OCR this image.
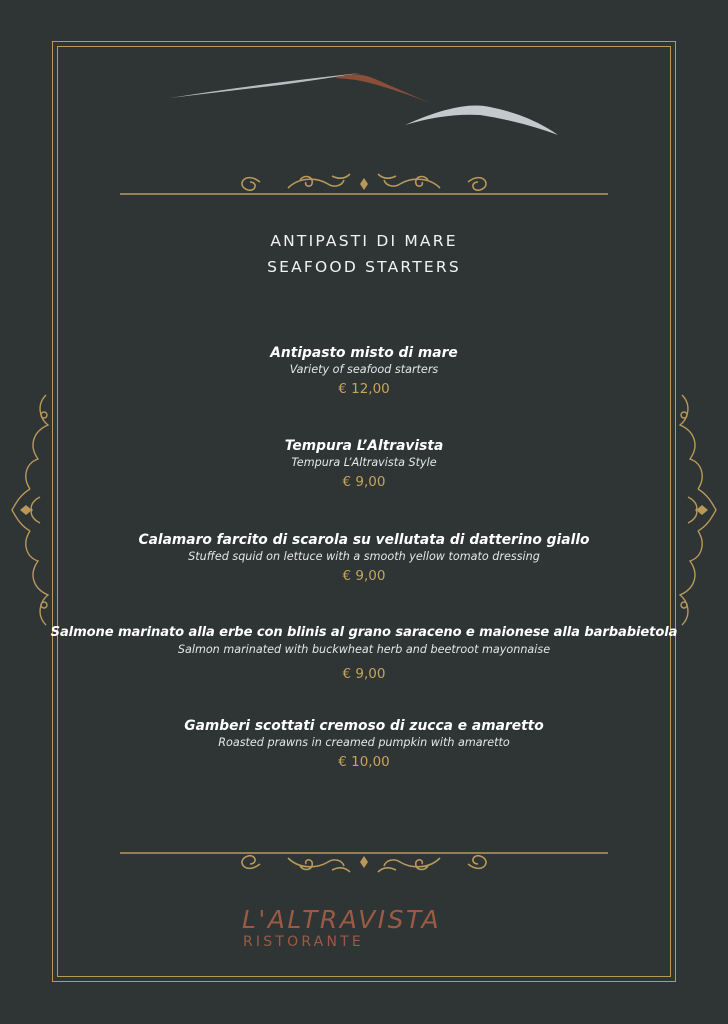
ANTIPASTI DI MARE
SEAFOOD STARTERS
Antipasto misto di mare
Variety of seafood starters
€ 12,00
Tempura L’Altravista
Tempura L’Altravista Style
€ 9,00
Calamaro farcito di scarola su vellutata di datterino giallo
Stuffed squid on lettuce with a smooth yellow tomato dressing
€ 9,00
Salmone marinato alla erbe con blinis al grano saraceno e maionese alla barbabietola
Salmon marinated with buckwheat herb and beetroot mayonnaise
€ 9,00
Gamberi scottati cremoso di zucca e amaretto
Roasted prawns in creamed pumpkin with amaretto
€ 10,00
L'ALTRAVISTA
RISTORANTE
